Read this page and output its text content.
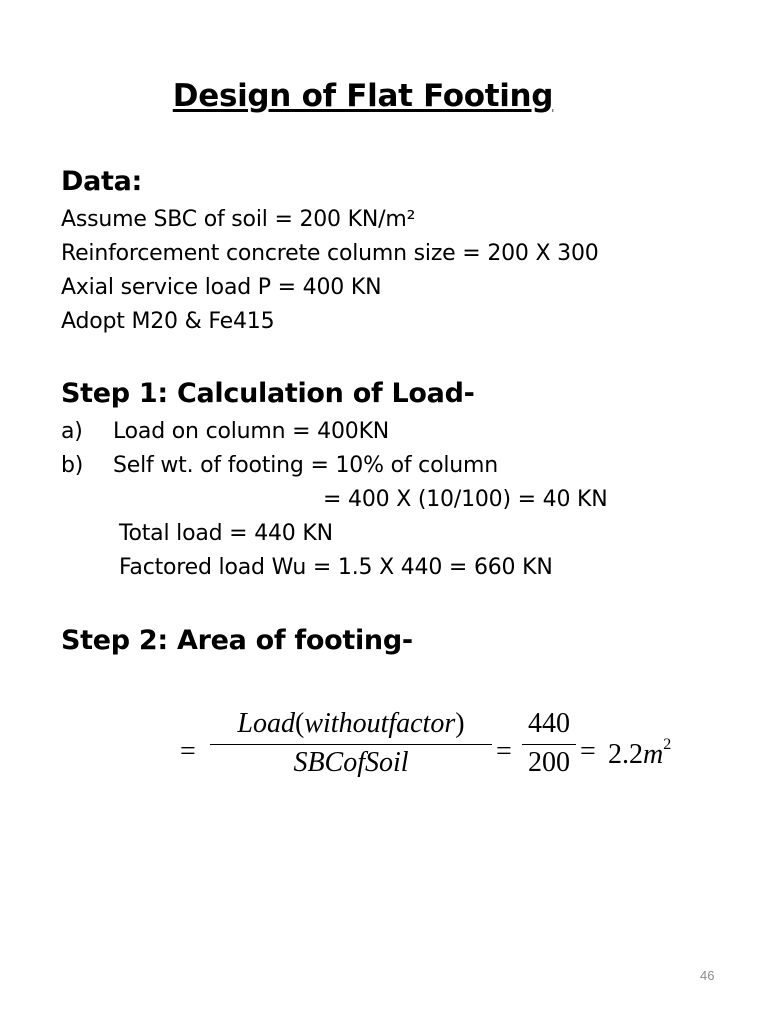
Design of Flat Footing
Data:
Assume SBC of soil = 200 KN/m²
Reinforcement concrete column size = 200 X 300
Axial service load P = 400 KN
Adopt M20 & Fe415
Step 1: Calculation of Load-
a) Load on column = 400KN
b) Self wt. of footing = 10% of column
= 400 X (10/100) = 40 KN
Total load = 440 KN
Factored load Wu = 1.5 X 440 = 660 KN
Step 2: Area of footing-
=
Load(withoutfactor)
SBCofSoil	=
440
$200 = 2.2m^2$
46
